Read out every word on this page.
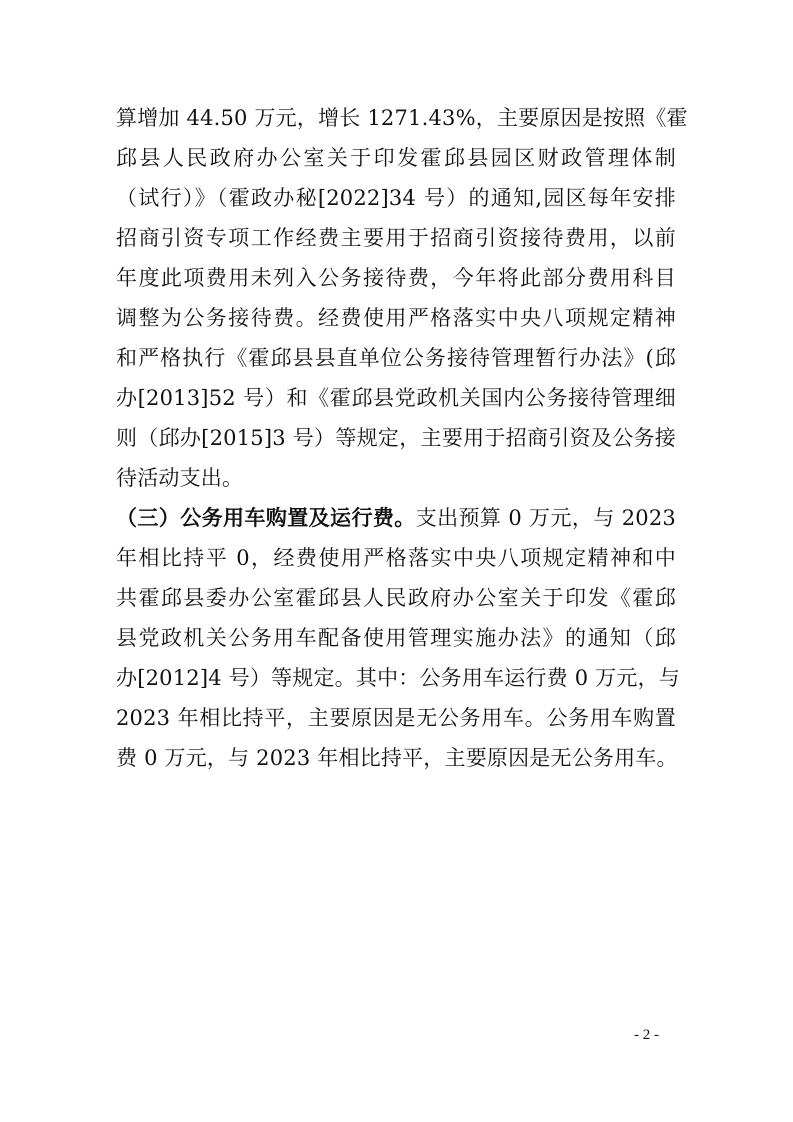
算增加 44.50 万元，增长 1271.43%，主要原因是按照《霍
邱县人民政府办公室关于印发霍邱县园区财政管理体制
（试行）》（霍政办秘[2022]34 号）的通知,园区每年安排
招商引资专项工作经费主要用于招商引资接待费用，以前
年度此项费用未列入公务接待费，今年将此部分费用科目
调整为公务接待费。经费使用严格落实中央八项规定精神
和严格执行《霍邱县县直单位公务接待管理暂行办法》(邱
办[2013]52 号）和《霍邱县党政机关国内公务接待管理细
则（邱办[2015]3 号）等规定，主要用于招商引资及公务接
待活动支出。
（三）公务用车购置及运行费。支出预算 0 万元，与 2023
年相比持平 0，经费使用严格落实中央八项规定精神和中
共霍邱县委办公室霍邱县人民政府办公室关于印发《霍邱
县党政机关公务用车配备使用管理实施办法》的通知（邱
办[2012]4 号）等规定。其中：公务用车运行费 0 万元，与
2023 年相比持平，主要原因是无公务用车。公务用车购置
费 0 万元，与 2023 年相比持平，主要原因是无公务用车。
- 2 -
